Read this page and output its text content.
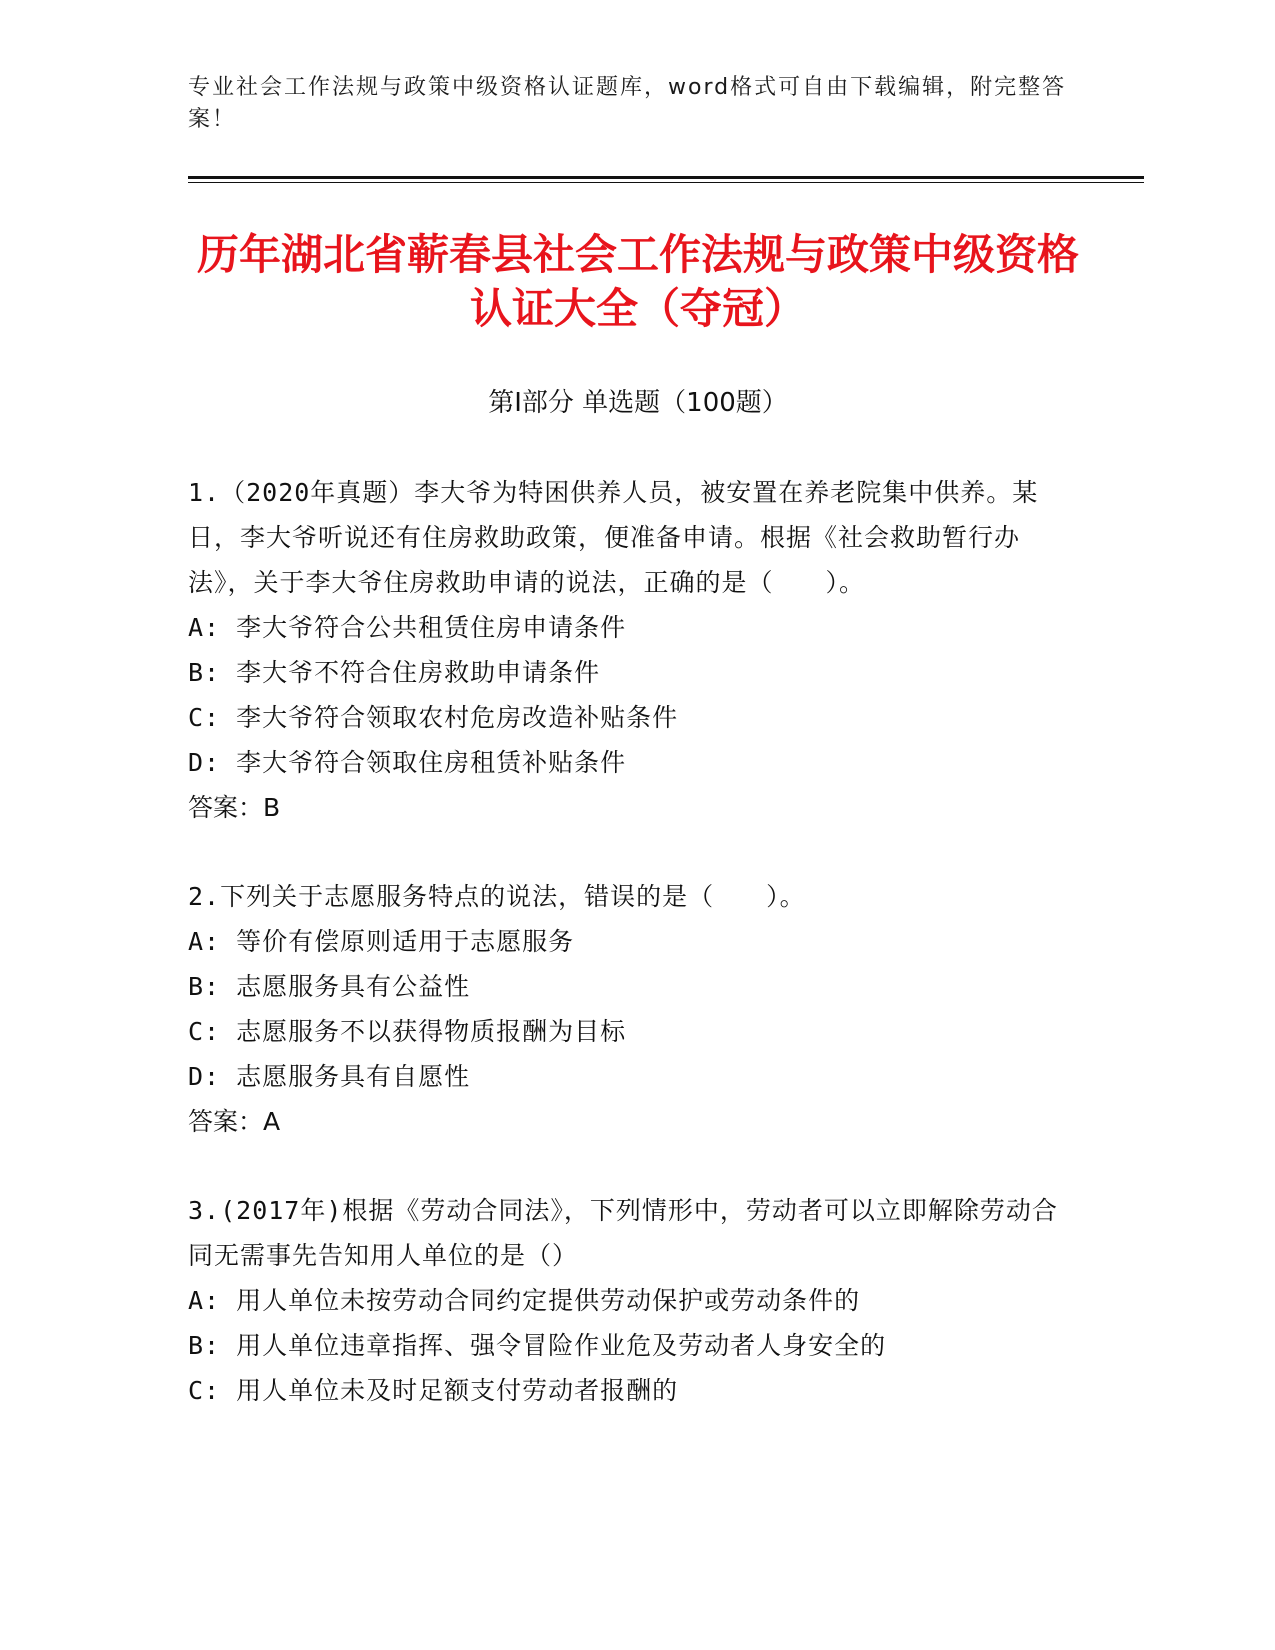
专业社会工作法规与政策中级资格认证题库，word格式可自由下载编辑，附完整答案！
历年湖北省蕲春县社会工作法规与政策中级资格认证大全（夺冠）
第Ⅰ部分 单选题（100题）

1.（2020年真题）李大爷为特困供养人员，被安置在养老院集中供养。某日，李大爷听说还有住房救助政策，便准备申请。根据《社会救助暂行办法》，关于李大爷住房救助申请的说法，正确的是（　　）。

A: 李大爷符合公共租赁住房申请条件

B: 李大爷不符合住房救助申请条件

C: 李大爷符合领取农村危房改造补贴条件

D: 李大爷符合领取住房租赁补贴条件

答案：B

2.下列关于志愿服务特点的说法，错误的是（　　）。

A: 等价有偿原则适用于志愿服务

B: 志愿服务具有公益性

C: 志愿服务不以获得物质报酬为目标

D: 志愿服务具有自愿性

答案：A

3.(2017年)根据《劳动合同法》，下列情形中，劳动者可以立即解除劳动合同无需事先告知用人单位的是（）

A: 用人单位未按劳动合同约定提供劳动保护或劳动条件的

B: 用人单位违章指挥、强令冒险作业危及劳动者人身安全的

C: 用人单位未及时足额支付劳动者报酬的
